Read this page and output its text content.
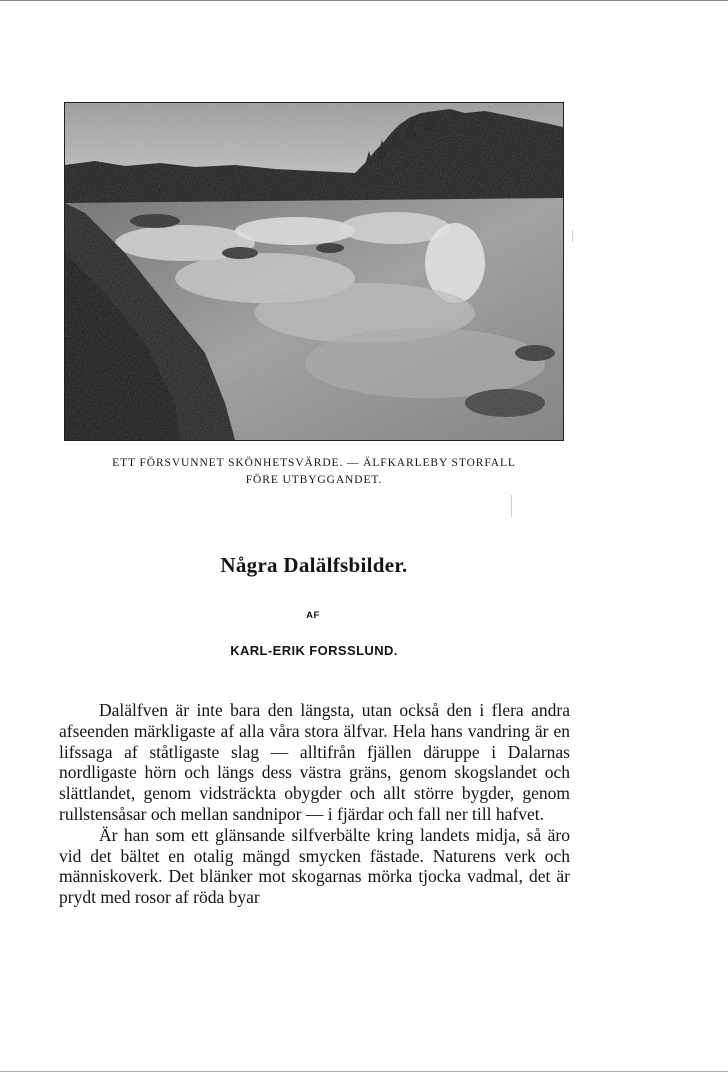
ETT FÖRSVUNNET SKÖNHETSVÄRDE. — ÄLFKARLEBY STORFALL
FÖRE UTBYGGANDET.
Några Dalälfsbilder.
AF
KARL-ERIK FORSSLUND.

Dalälfven är inte bara den längsta, utan också den i flera andra afseenden märkligaste af alla våra stora älfvar. Hela hans vandring är en lifssaga af ståtligaste slag — alltifrån fjällen däruppe i Dalarnas nordligaste hörn och längs dess västra gräns, genom skogslandet och slättlandet, genom vidsträckta obygder och allt större bygder, genom rullstensåsar och mellan sandnipor — i fjärdar och fall ner till hafvet.

Är han som ett glänsande silfverbälte kring landets midja, så äro vid det bältet en otalig mängd smycken fästade. Naturens verk och människoverk. Det blänker mot skogarnas mörka tjocka vadmal, det är prydt med rosor af röda byar
